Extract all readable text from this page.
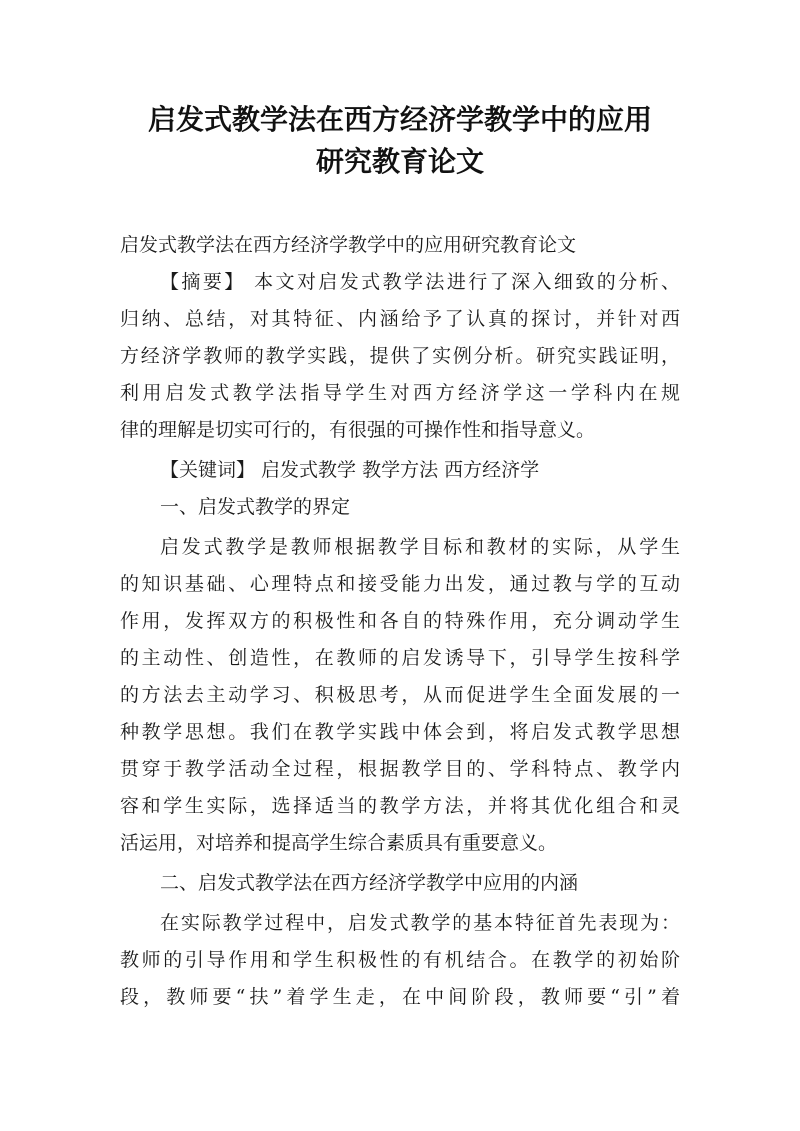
启发式教学法在西方经济学教学中的应用
研究教育论文
启发式教学法在西方经济学教学中的应用研究教育论文
【摘要】 本文对启发式教学法进行了深入细致的分析、
归纳、总结，对其特征、内涵给予了认真的探讨，并针对西
方经济学教师的教学实践，提供了实例分析。研究实践证明，
利用启发式教学法指导学生对西方经济学这一学科内在规
律的理解是切实可行的，有很强的可操作性和指导意义。
【关键词】 启发式教学 教学方法 西方经济学
一、启发式教学的界定
启发式教学是教师根据教学目标和教材的实际，从学生
的知识基础、心理特点和接受能力出发，通过教与学的互动
作用，发挥双方的积极性和各自的特殊作用，充分调动学生
的主动性、创造性，在教师的启发诱导下，引导学生按科学
的方法去主动学习、积极思考，从而促进学生全面发展的一
种教学思想。我们在教学实践中体会到，将启发式教学思想
贯穿于教学活动全过程，根据教学目的、学科特点、教学内
容和学生实际，选择适当的教学方法，并将其优化组合和灵
活运用，对培养和提高学生综合素质具有重要意义。
二、启发式教学法在西方经济学教学中应用的内涵
在实际教学过程中，启发式教学的基本特征首先表现为：
教师的引导作用和学生积极性的有机结合。在教学的初始阶
段，教师要“扶”着学生走，在中间阶段，教师要“引”着
